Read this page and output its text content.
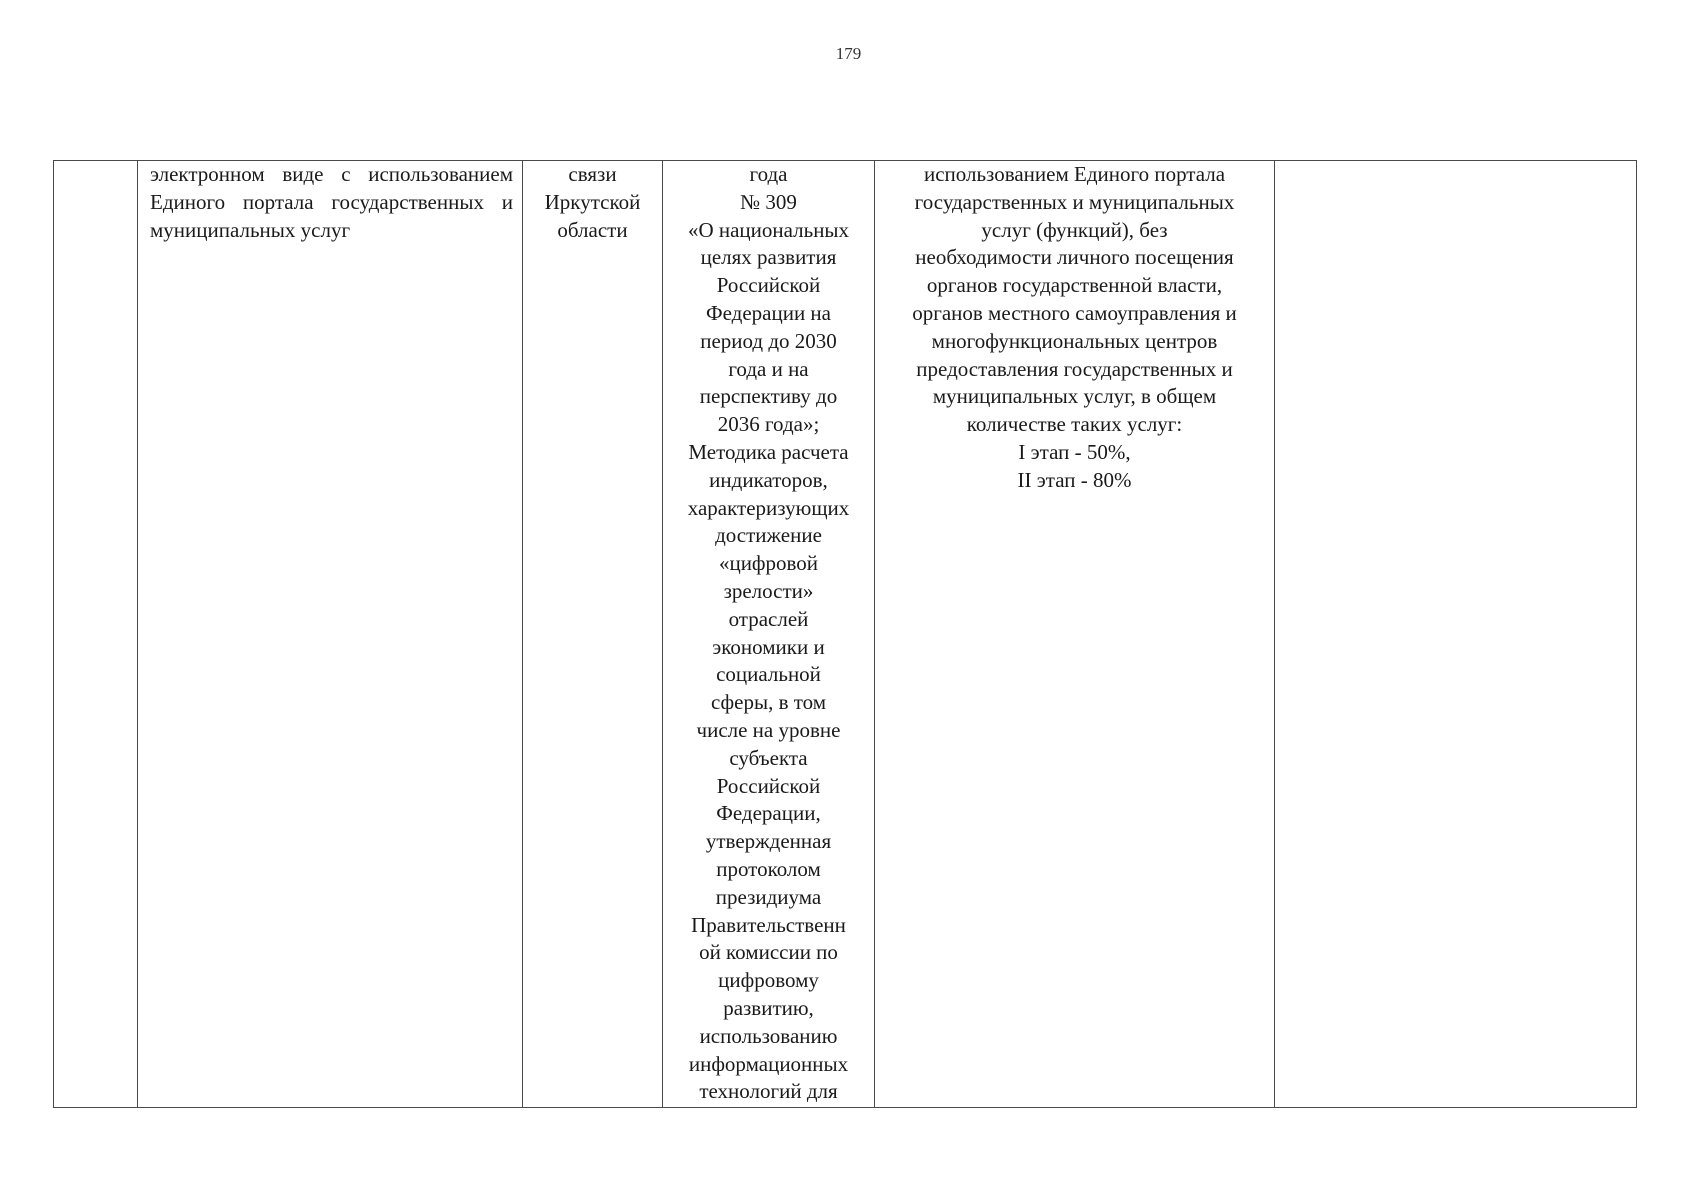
179

электронном виде с использованием Единого портала государственных и
муниципальных услуг

связи
Иркутской
области

года
№ 309
«О национальных
целях развития
Российской
Федерации на
период до 2030
года и на
перспективу до
2036 года»;
Методика расчета
индикаторов,
характеризующих
достижение
«цифровой
зрелости»
отраслей
экономики и
социальной
сферы, в том
числе на уровне
субъекта
Российской
Федерации,
утвержденная
протоколом
президиума
Правительственн
ой комиссии по
цифровому
развитию,
использованию
информационных
технологий для

использованием Единого портала
государственных и муниципальных
услуг (функций), без
необходимости личного посещения
органов государственной власти,
органов местного самоуправления и
многофункциональных центров
предоставления государственных и
муниципальных услуг, в общем
количестве таких услуг:
I этап - 50%,
II этап - 80%
